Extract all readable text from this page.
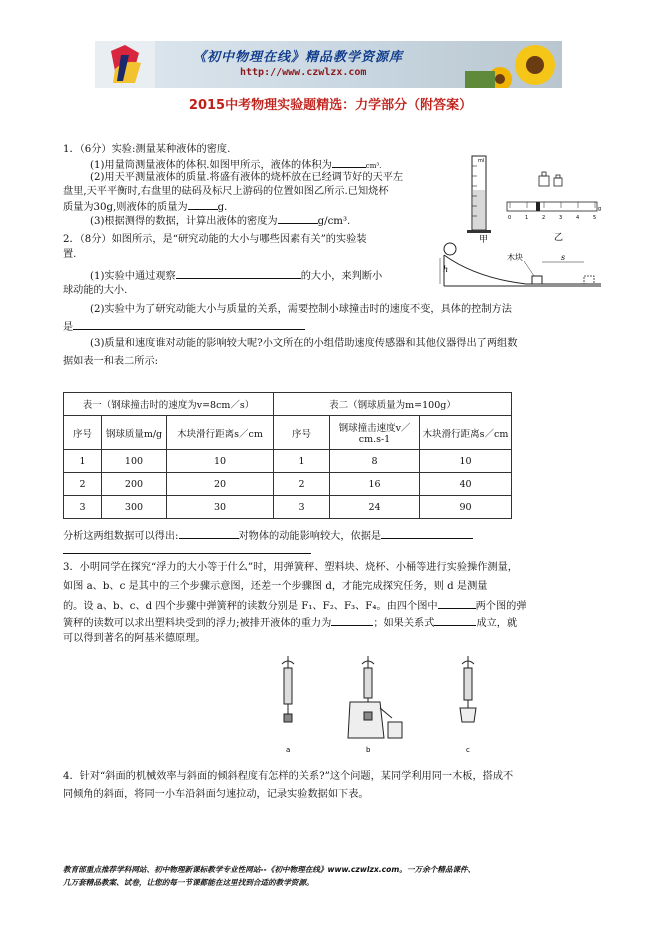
《初中物理在线》精品教学资源库
http://www.czwlzx.com
2015中考物理实验题精选：力学部分（附答案）
1．（6分）实验:测量某种液体的密度.
(1)用量筒测量液体的体积.如图甲所示，液体的体积为	cm³.
(2)用天平测量液体的质量.将盛有液体的烧杯放在已经调节好的天平左
盘里,天平平衡时,右盘里的砝码及标尺上游码的位置如图乙所示.已知烧杯
质量为30g,则液体的质量为	g.
(3)根据测得的数据，计算出液体的密度为	g/cm³.
ml
甲	乙
0	1	2	3	4	5
g
2．（8分）如图所示，是“研究动能的大小与哪些因素有关”的实验装
置.
(1)实验中通过观察	的大小，来判断小
球动能的大小.
(2)实验中为了研究动能大小与质量的关系，需要控制小球撞击时的速度不变，具体的控制方法
是
(3)质量和速度谁对动能的影响较大呢?小文所在的小组借助速度传感器和其他仪器得出了两组数
据如表一和表二所示:
h
木块	s
表一（钢球撞击时的速度为v=8cm／s）			表二（钢球质量为m=100g）		
序号	钢球质量m/g	木块滑行距离s／cm	序号	钢球撞击速度v／cm.s-1	木块滑行距离s／cm
1	100	10	1	8	10
2	200	20	2	16	40
3	300	30	3	24	90
分析这两组数据可以得出:	对物体的动能影响较大，依据是
3．小明同学在探究“浮力的大小等于什么”时，用弹簧秤、塑料块、烧杯、小桶等进行实验操作测量，
如图 a、b、c 是其中的三个步骤示意图，还差一个步骤图 d，才能完成探究任务，则 d 是测量
的。设 a、b、c、d 四个步骤中弹簧秤的读数分别是 F₁、F₂、F₃、F₄。由四个图中	两个图的弹
簧秤的读数可以求出塑料块受到的浮力;被排开液体的重力为	；如果关系式	成立，就
可以得到著名的阿基米德原理。
a	b	c
4．针对“斜面的机械效率与斜面的倾斜程度有怎样的关系?”这个问题，某同学利用同一木板，搭成不
同倾角的斜面，将同一小车沿斜面匀速拉动，记录实验数据如下表。
教育部重点推荐学科网站、初中物理新课标教学专业性网站--《初中物理在线》www.czwlzx.com。一万余个精品课件、
几万套精品教案、试卷，让您的每一节课都能在这里找到合适的教学资源。
